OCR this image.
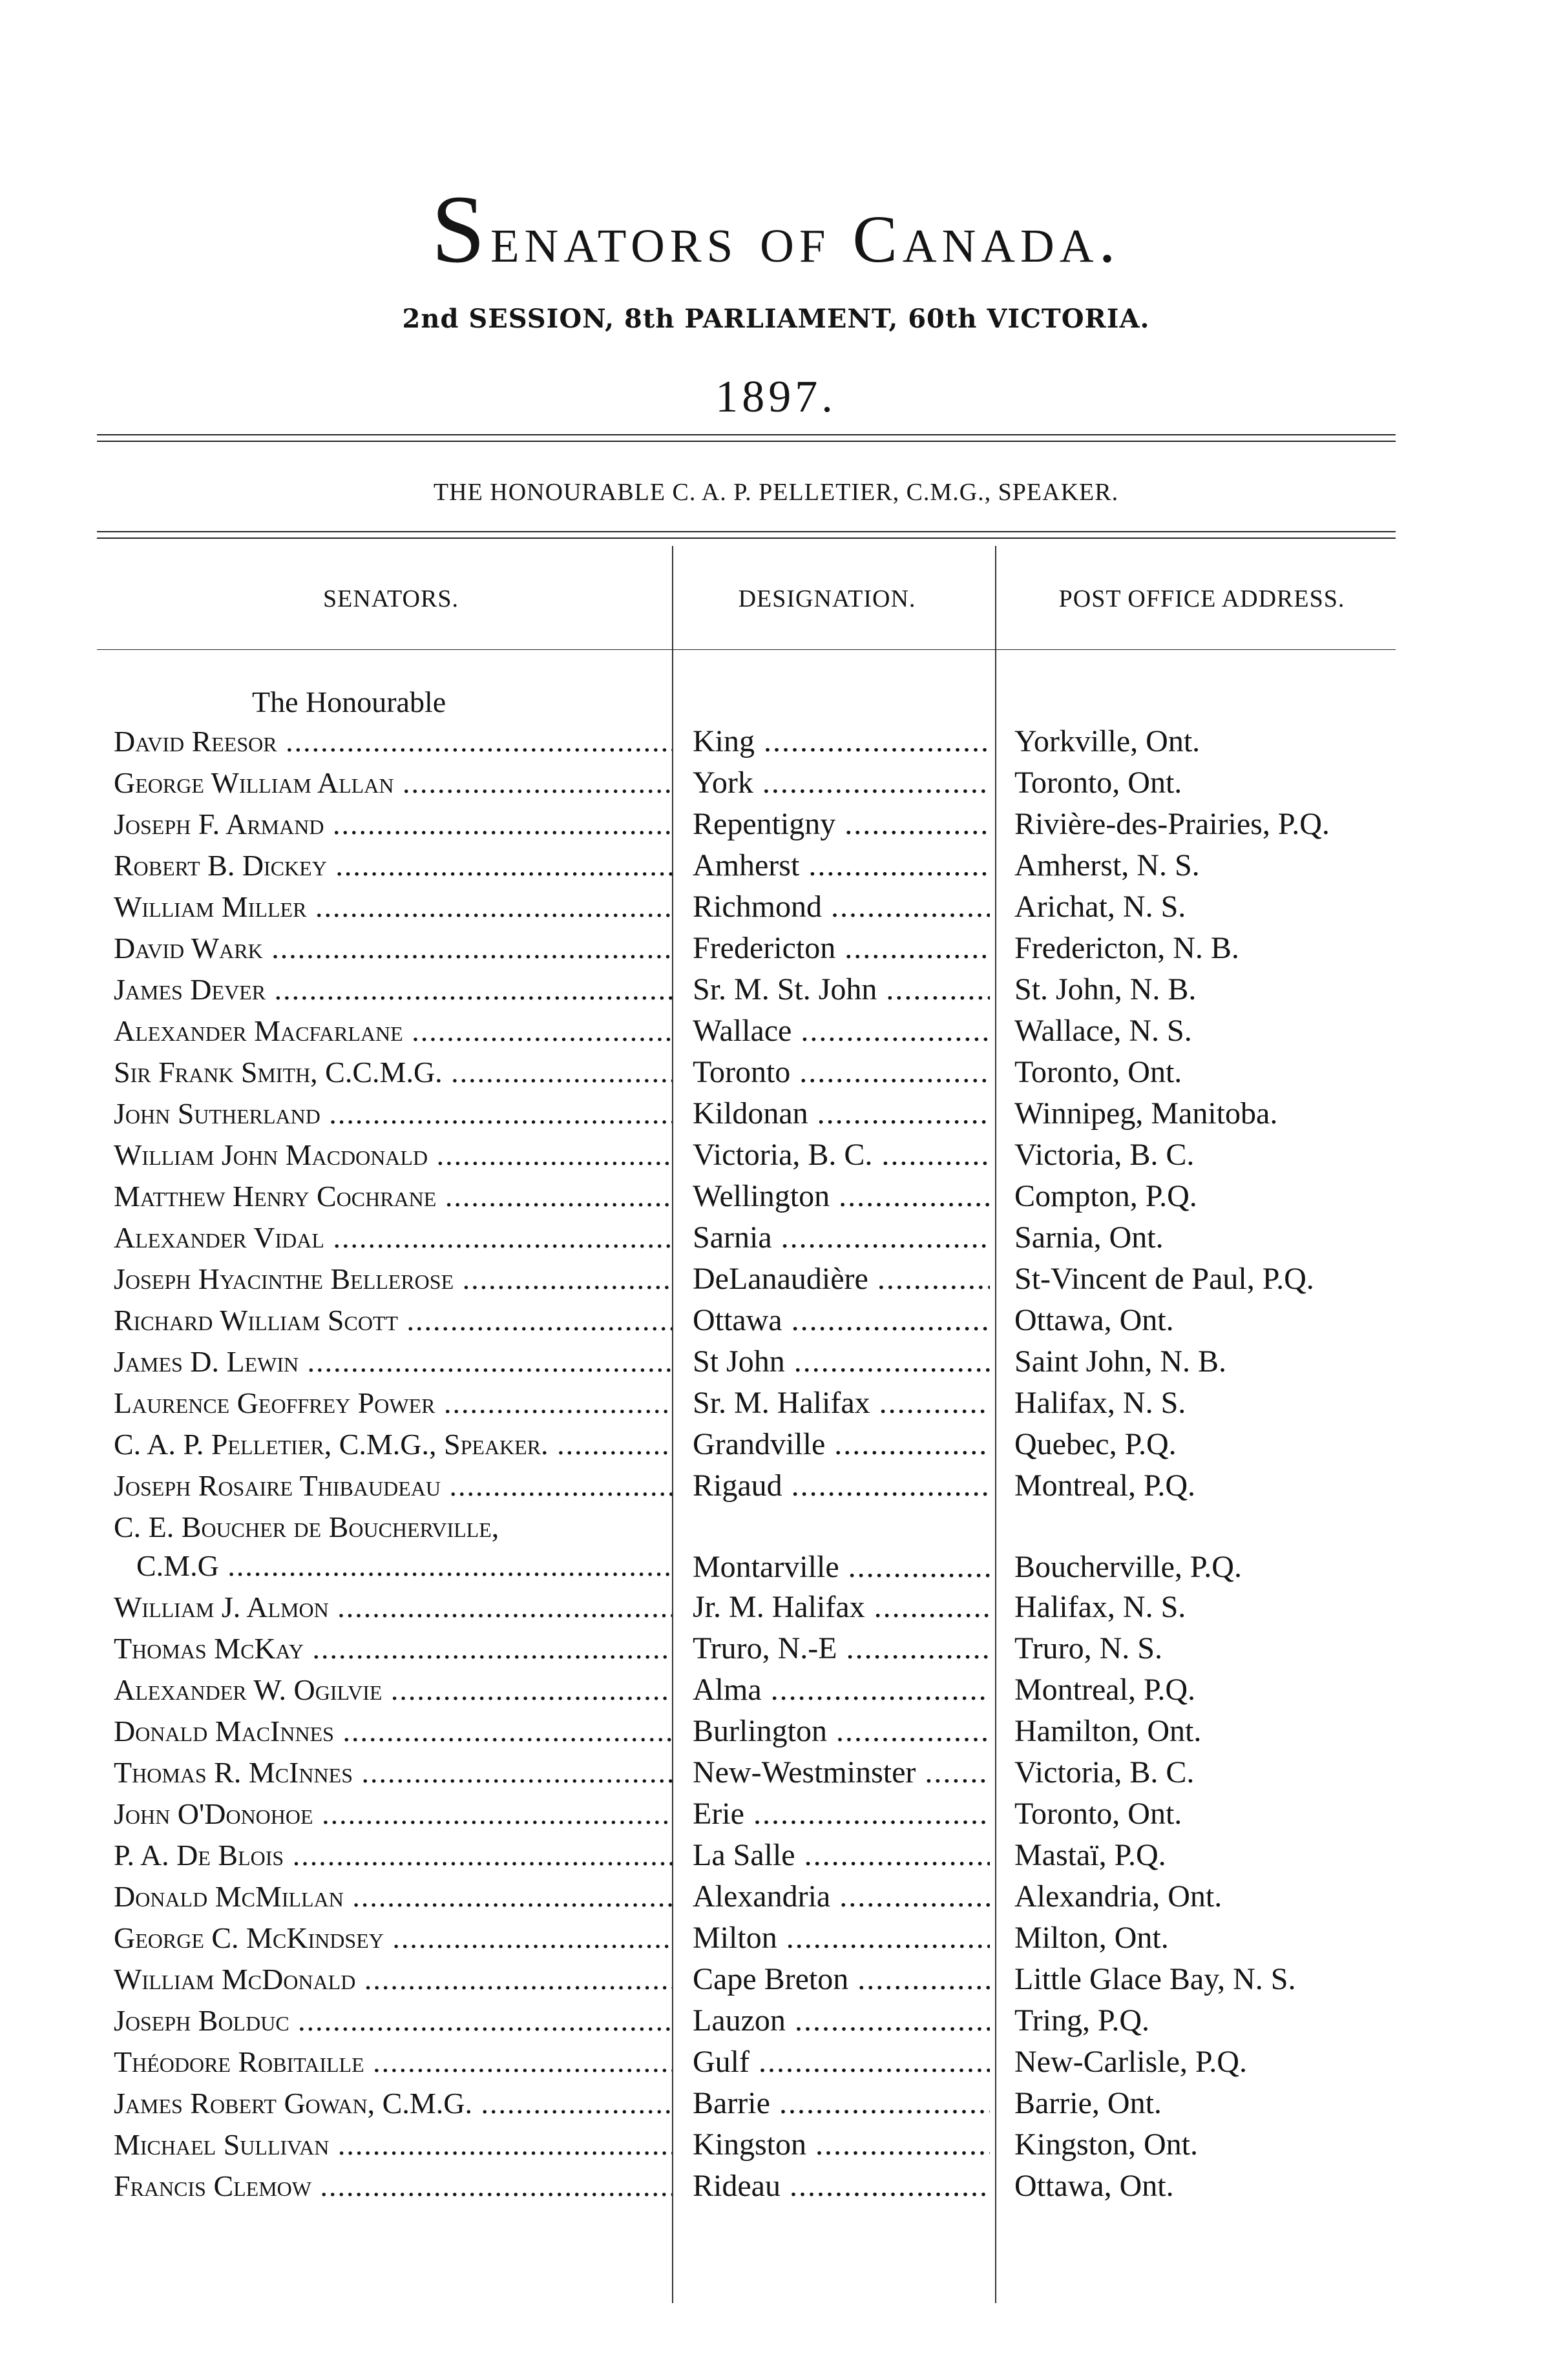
Senators of Canada.
2nd SESSION, 8th PARLIAMENT, 60th VICTORIA.
1897.
THE HONOURABLE C. A. P. PELLETIER, C.M.G., SPEAKER.
SENATORS.	DESIGNATION.	POST OFFICE ADDRESS.
The Honourable
David Reesor .....	King .....	Yorkville, Ont.
George William Allan .....	York .....	Toronto, Ont.
Joseph F. Armand .....	Repentigny .....	Rivière-des-Prairies, P.Q.
Robert B. Dickey .....	Amherst .....	Amherst, N. S.
William Miller .....	Richmond .....	Arichat, N. S.
David Wark .....	Fredericton .....	Fredericton, N. B.
James Dever .....	Sr. M. St. John .....	St. John, N. B.
Alexander Macfarlane .....	Wallace .....	Wallace, N. S.
Sir Frank Smith, C.C.M.G. .....	Toronto .....	Toronto, Ont.
John Sutherland .....	Kildonan .....	Winnipeg, Manitoba.
William John Macdonald .....	Victoria, B. C. .....	Victoria, B. C.
Matthew Henry Cochrane .....	Wellington .....	Compton, P.Q.
Alexander Vidal .....	Sarnia .....	Sarnia, Ont.
Joseph Hyacinthe Bellerose .....	DeLanaudière .....	St-Vincent de Paul, P.Q.
Richard William Scott .....	Ottawa .....	Ottawa, Ont.
James D. Lewin .....	St John .....	Saint John, N. B.
Laurence Geoffrey Power .....	Sr. M. Halifax .....	Halifax, N. S.
C. A. P. Pelletier, C.M.G., Speaker. .....	Grandville .....	Quebec, P.Q.
Joseph Rosaire Thibaudeau .....	Rigaud .....	Montreal, P.Q.
C. E. Boucher de Boucherville,
C.M.G .....	Montarville .....	Boucherville, P.Q.
William J. Almon .....	Jr. M. Halifax .....	Halifax, N. S.
Thomas McKay .....	Truro, N.-E .....	Truro, N. S.
Alexander W. Ogilvie .....	Alma .....	Montreal, P.Q.
Donald MacInnes .....	Burlington .....	Hamilton, Ont.
Thomas R. McInnes .....	New-Westminster .....	Victoria, B. C.
John O'Donohoe .....	Erie .....	Toronto, Ont.
P. A. De Blois .....	La Salle .....	Mastaï, P.Q.
Donald McMillan .....	Alexandria .....	Alexandria, Ont.
George C. McKindsey .....	Milton .....	Milton, Ont.
William McDonald .....	Cape Breton .....	Little Glace Bay, N. S.
Joseph Bolduc .....	Lauzon .....	Tring, P.Q.
Théodore Robitaille .....	Gulf .....	New-Carlisle, P.Q.
James Robert Gowan, C.M.G. .....	Barrie .....	Barrie, Ont.
Michael Sullivan .....	Kingston .....	Kingston, Ont.
Francis Clemow .....	Rideau .....	Ottawa, Ont.
